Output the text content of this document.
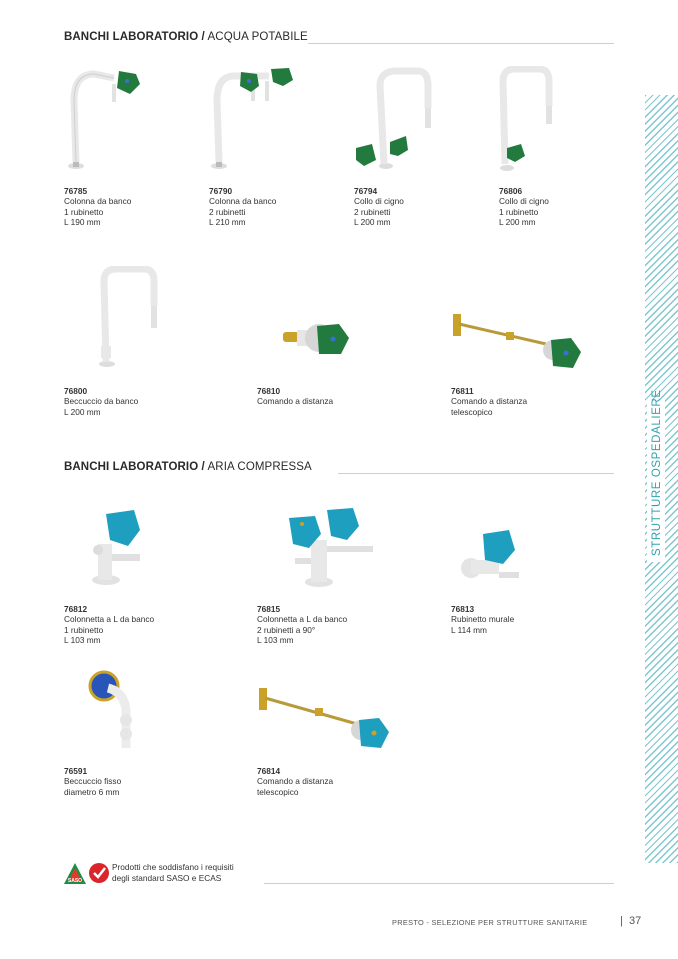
BANCHI LABORATORIO / ACQUA POTABILE
76785
Colonna da banco
1 rubinetto
L 190 mm
76790
Colonna da banco
2 rubinetti
L 210 mm
76794
Collo di cigno
2 rubinetti
L 200 mm
76806
Collo di cigno
1 rubinetto
L 200 mm
76800
Beccuccio da banco
L 200 mm
76810
Comando a distanza
76811
Comando a distanza
telescopico
BANCHI LABORATORIO / ARIA COMPRESSA
76812
Colonnetta a L da banco
1 rubinetto
L 103 mm
76815
Colonnetta a L da banco
2 rubinetti a 90°
L 103 mm
76813
Rubinetto murale
L 114 mm
76591
Beccuccio fisso
diametro 6 mm
76814
Comando a distanza
telescopico
STRUTTURE OSPEDALIERE
SASO
Prodotti che soddisfano i requisiti
degli standard SASO e ECAS
PRESTO - SELEZIONE PER STRUTTURE SANITARIE	|  37
